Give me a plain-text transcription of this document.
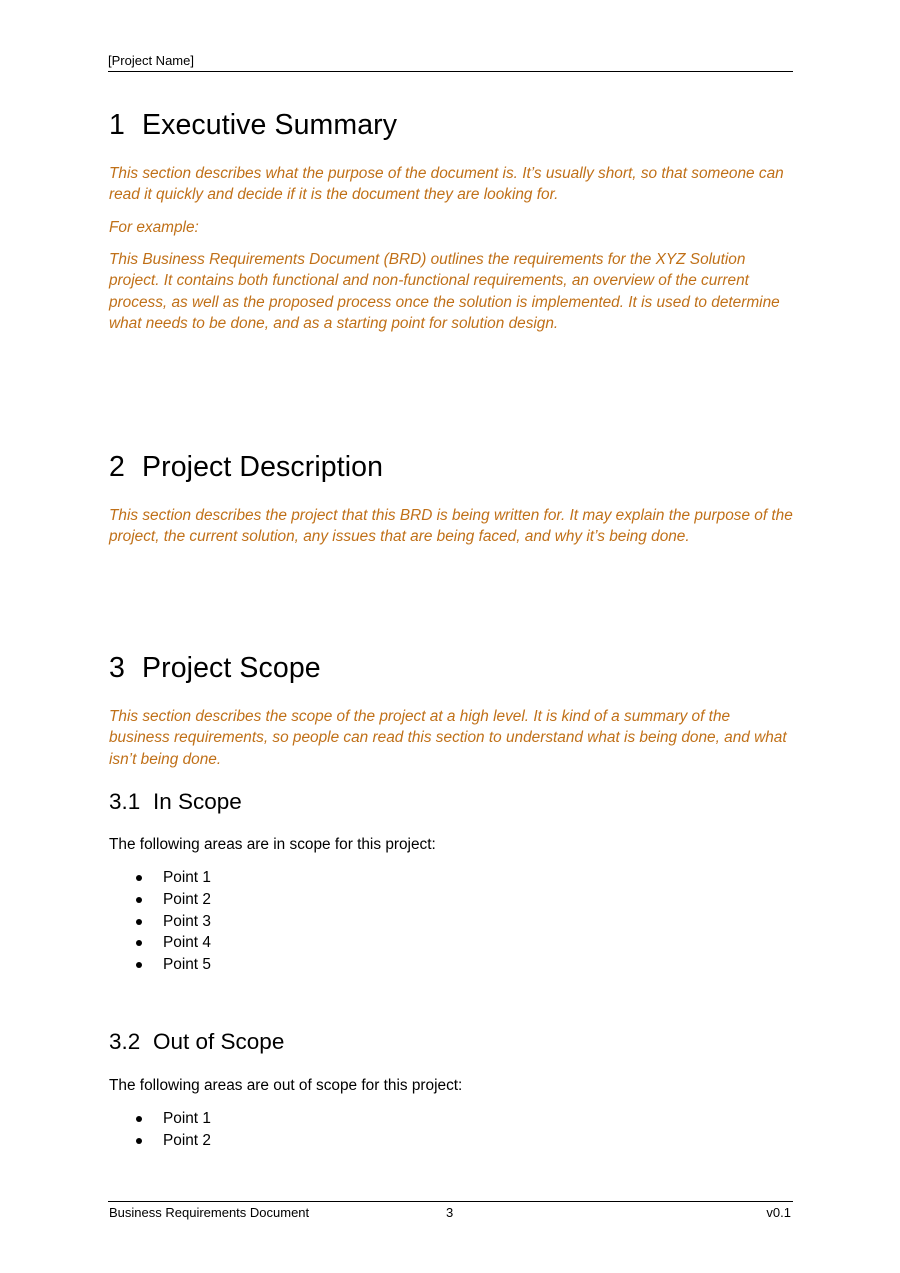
[Project Name]
1 Executive Summary

This section describes what the purpose of the document is. It’s usually short, so that someone can read it quickly and decide if it is the document they are looking for.

For example:

This Business Requirements Document (BRD) outlines the requirements for the XYZ Solution project. It contains both functional and non-functional requirements, an overview of the current process, as well as the proposed process once the solution is implemented. It is used to determine what needs to be done, and as a starting point for solution design.

2 Project Description

This section describes the project that this BRD is being written for. It may explain the purpose of the project, the current solution, any issues that are being faced, and why it’s being done.

3 Project Scope

This section describes the scope of the project at a high level. It is kind of a summary of the business requirements, so people can read this section to understand what is being done, and what isn’t being done.

3.1 In Scope

The following areas are in scope for this project:

Point 1
Point 2
Point 3
Point 4
Point 5
3.2 Out of Scope

The following areas are out of scope for this project:

Point 1
Point 2
Business Requirements Document	3	v0.1
